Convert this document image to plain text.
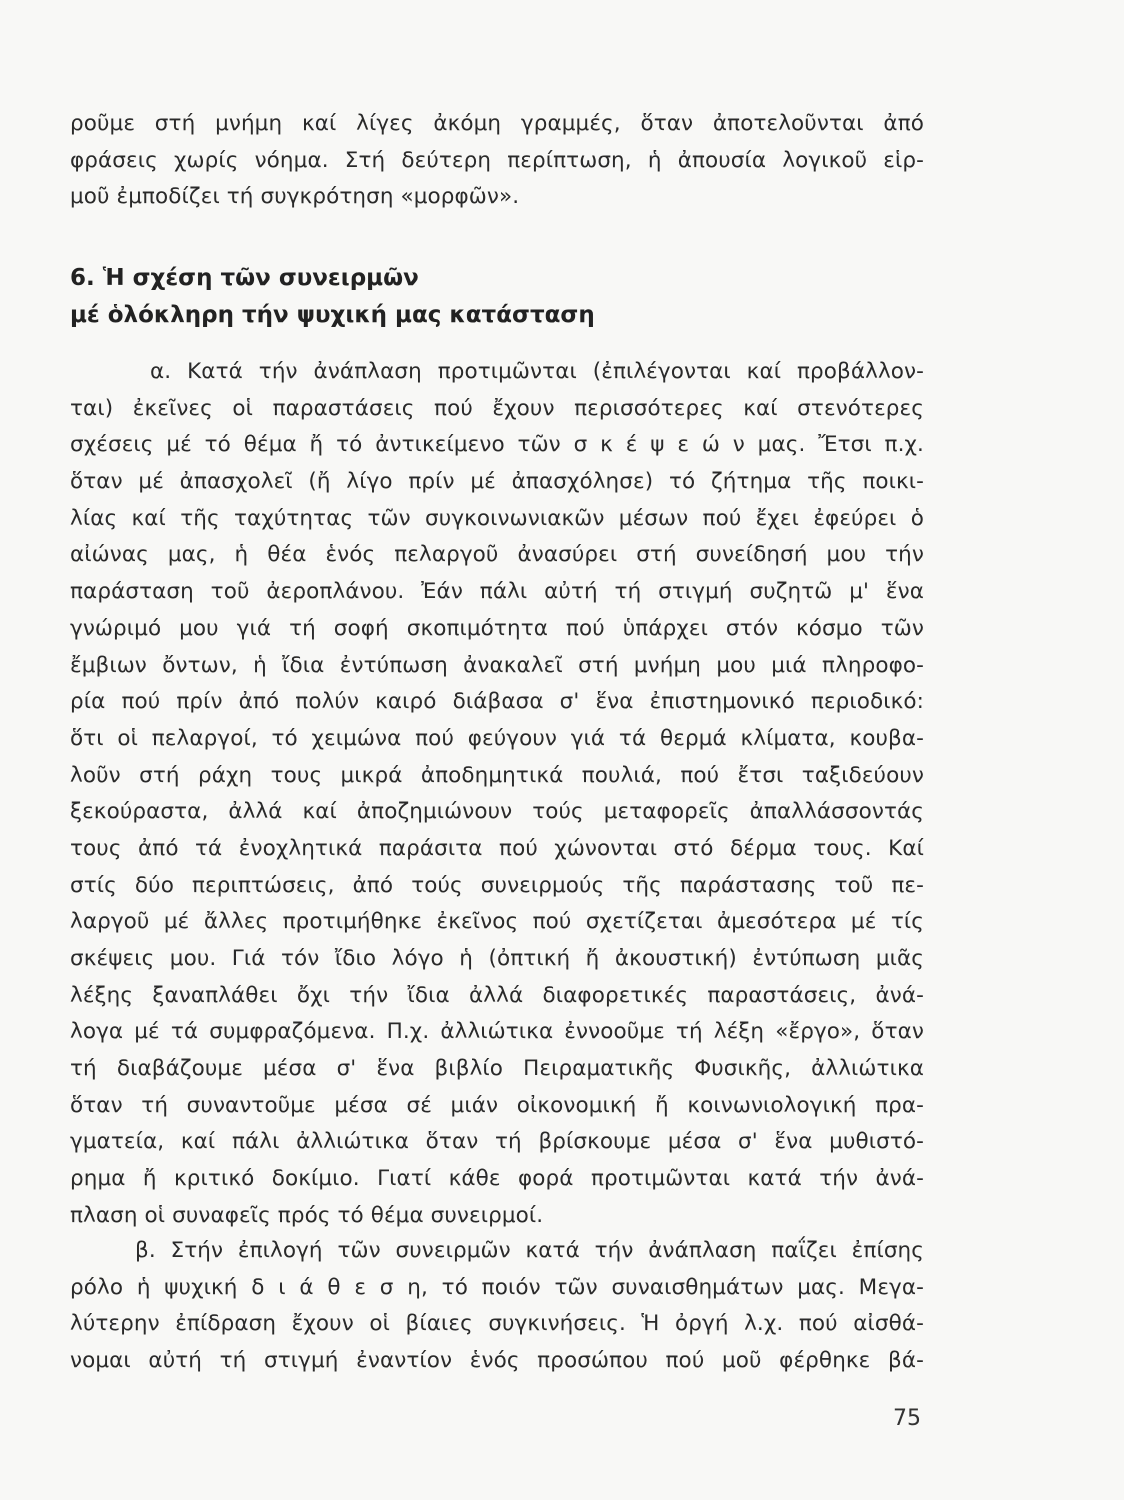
ροῦμε στή μνήμη καί λίγες ἀκόμη γραμμές, ὅταν ἀποτελοῦνται ἀπό
φράσεις χωρίς νόημα. Στή δεύτερη περίπτωση, ἡ ἀπουσία λογικοῦ εἱρ-
μοῦ ἐμποδίζει τή συγκρότηση «μορφῶν».
6. Ἡ σχέση τῶν συνειρμῶν
μέ ὁλόκληρη τήν ψυχική μας κατάσταση
α. Κατά τήν ἀνάπλαση προτιμῶνται (ἐπιλέγονται καί προβάλλον-
ται) ἐκεῖνες οἱ παραστάσεις πού ἔχουν περισσότερες καί στενότερες
σχέσεις μέ τό θέμα ἤ τό ἀντικείμενο τῶν σ κ έ ψ ε ώ ν μας. Ἔτσι π.χ.
ὅταν μέ ἀπασχολεῖ (ἤ λίγο πρίν μέ ἀπασχόλησε) τό ζήτημα τῆς ποικι-
λίας καί τῆς ταχύτητας τῶν συγκοινωνιακῶν μέσων πού ἔχει ἐφεύρει ὁ
αἰώνας μας, ἡ θέα ἑνός πελαργοῦ ἀνασύρει στή συνείδησή μου τήν
παράσταση τοῦ ἀεροπλάνου. Ἐάν πάλι αὐτή τή στιγμή συζητῶ μ' ἕνα
γνώριμό μου γιά τή σοφή σκοπιμότητα πού ὑπάρχει στόν κόσμο τῶν
ἔμβιων ὄντων, ἡ ἴδια ἐντύπωση ἀνακαλεῖ στή μνήμη μου μιά πληροφο-
ρία πού πρίν ἀπό πολύν καιρό διάβασα σ' ἕνα ἐπιστημονικό περιοδικό:
ὅτι οἱ πελαργοί, τό χειμώνα πού φεύγουν γιά τά θερμά κλίματα, κουβα-
λοῦν στή ράχη τους μικρά ἀποδημητικά πουλιά, πού ἔτσι ταξιδεύουν
ξεκούραστα, ἀλλά καί ἀποζημιώνουν τούς μεταφορεῖς ἀπαλλάσσοντάς
τους ἀπό τά ἐνοχλητικά παράσιτα πού χώνονται στό δέρμα τους. Καί
στίς δύο περιπτώσεις, ἀπό τούς συνειρμούς τῆς παράστασης τοῦ πε-
λαργοῦ μέ ἄλλες προτιμήθηκε ἐκεῖνος πού σχετίζεται ἀμεσότερα μέ τίς
σκέψεις μου. Γιά τόν ἴδιο λόγο ἡ (ὀπτική ἤ ἀκουστική) ἐντύπωση μιᾶς
λέξης ξαναπλάθει ὄχι τήν ἴδια ἀλλά διαφορετικές παραστάσεις, ἀνά-
λογα μέ τά συμφραζόμενα. Π.χ. ἀλλιώτικα ἐννοοῦμε τή λέξη «ἔργο», ὅταν
τή διαβάζουμε μέσα σ' ἕνα βιβλίο Πειραματικῆς Φυσικῆς, ἀλλιώτικα
ὅταν τή συναντοῦμε μέσα σέ μιάν οἰκονομική ἤ κοινωνιολογική πρα-
γματεία, καί πάλι ἀλλιώτικα ὅταν τή βρίσκουμε μέσα σ' ἕνα μυθιστό-
ρημα ἤ κριτικό δοκίμιο. Γιατί κάθε φορά προτιμῶνται κατά τήν ἀνά-
πλαση οἱ συναφεῖς πρός τό θέμα συνειρμοί.
β. Στήν ἐπιλογή τῶν συνειρμῶν κατά τήν ἀνάπλαση παΐζει ἐπίσης
ρόλο ἡ ψυχική δ ι ά θ ε σ η, τό ποιόν τῶν συναισθημάτων μας. Μεγα-
λύτερην ἐπίδραση ἔχουν οἱ βίαιες συγκινήσεις. Ἡ ὀργή λ.χ. πού αἰσθά-
νομαι αὐτή τή στιγμή ἐναντίον ἑνός προσώπου πού μοῦ φέρθηκε βά-
75
